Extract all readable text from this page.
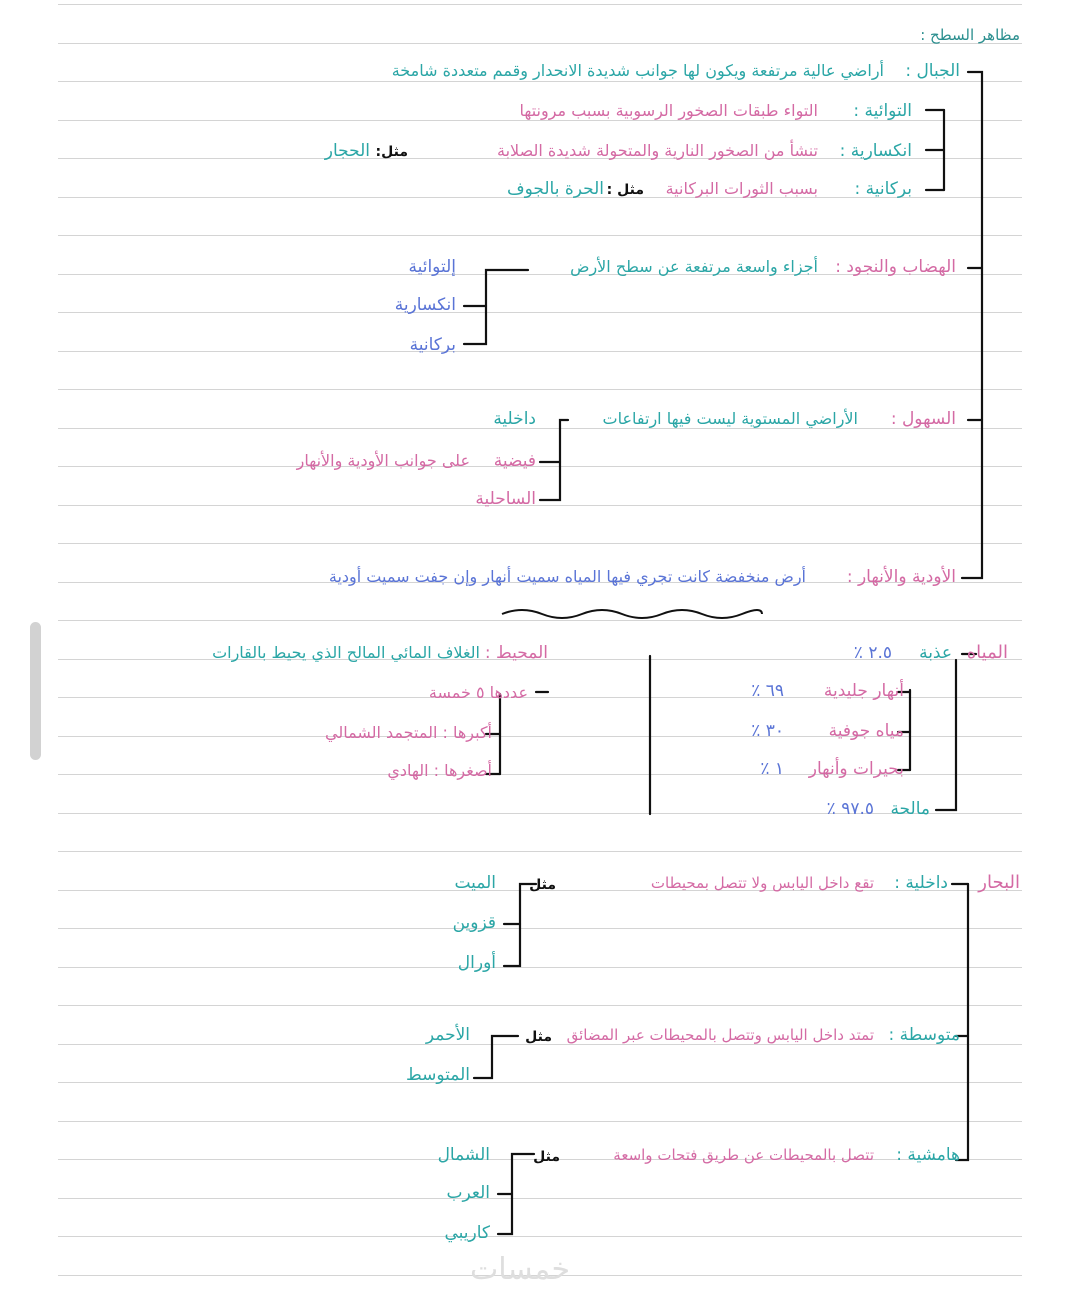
مظاهر السطح :
الجبال :
أراضي عالية مرتفعة ويكون لها جوانب شديدة الانحدار وقمم متعددة شامخة
التوائية :
التواء طبقات الصخور الرسوبية بسبب مرونتها
انكسارية :
تنشأ من الصخور النارية والمتحولة شديدة الصلابة
مثل:
الحجار
بركانية :
بسبب الثورات البركانية
مثل :
الحرة بالجوف
الهضاب والنجود :
أجزاء واسعة مرتفعة عن سطح الأرض
إلتوائية
انكسارية
بركانية
السهول :
الأراضي المستوية ليست فيها ارتفاعات
داخلية
فيضية
على جوانب الأودية والأنهار
الساحلية
الأودية والأنهار :
أرض منخفضة كانت تجري فيها المياه سميت أنهار وإن جفت سميت أودية
المياه
عذبة
٢.٥ ٪
أنهار جليدية
٦٩ ٪
مياه جوفية
٣٠ ٪
بحيرات وأنهار
١ ٪
مالحة
٩٧.٥ ٪
المحيط :
الغلاف المائي المالح الذي يحيط بالقارات
عددها ٥ خمسة
أكبرها : المتجمد الشمالي
أصغرها : الهادي
البحار
داخلية :
تقع داخل اليابس ولا تتصل بمحيطات
مثل
الميت
قزوين
أورال
متوسطة :
تمتد داخل اليابس وتتصل بالمحيطات عبر المضائق
مثل
الأحمر
المتوسط
هامشية :
تتصل بالمحيطات عن طريق فتحات واسعة
مثل
الشمال
العرب
كاريبي
خمسات
